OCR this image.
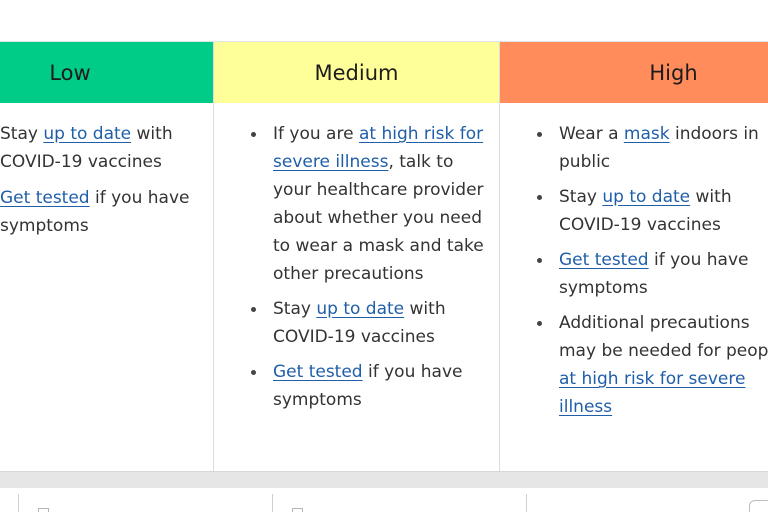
Low
Stay up to date with COVID-19 vaccines
Get tested if you have symptoms
Medium
If you are at high risk for severe illness, talk to your healthcare provider about whether you need to wear a mask and take other precautions
Stay up to date with COVID-19 vaccines
Get tested if you have symptoms
High
Wear a mask indoors in public
Stay up to date with COVID-19 vaccines
Get tested if you have symptoms
Additional precautions may be needed for peop at high risk for severe illness
